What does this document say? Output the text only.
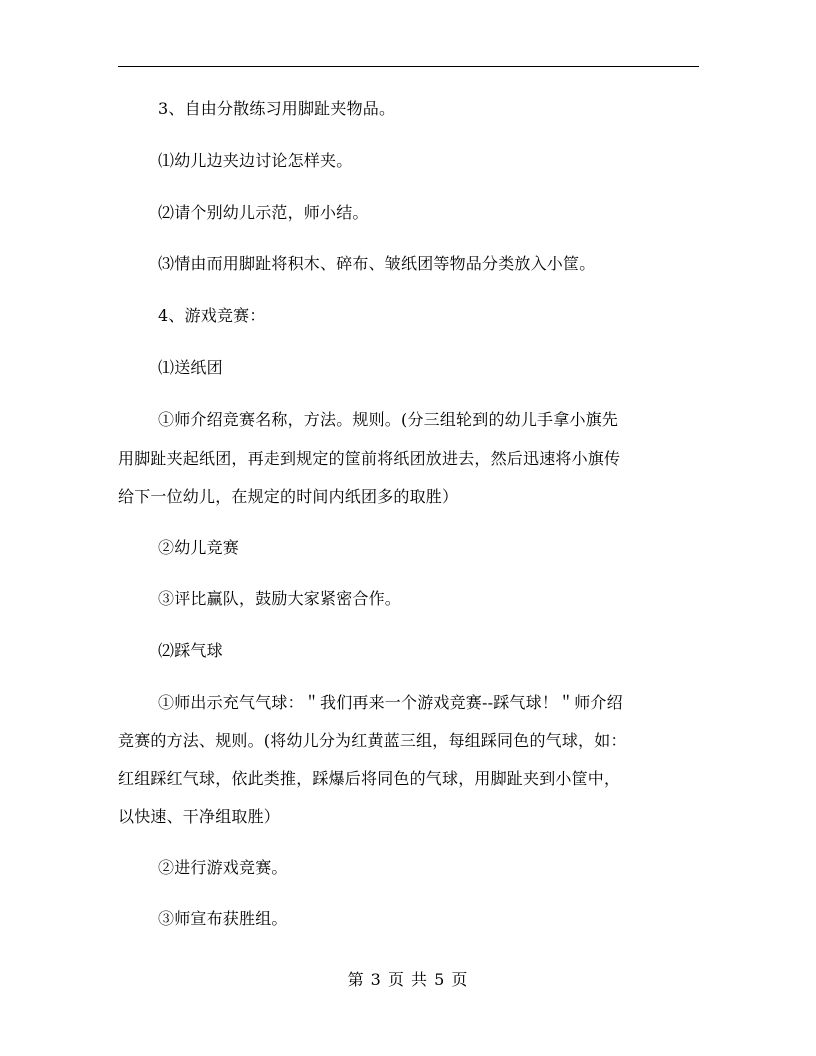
3、自由分散练习用脚趾夹物品。
⑴幼儿边夹边讨论怎样夹。
⑵请个别幼儿示范，师小结。
⑶情由而用脚趾将积木、碎布、皱纸团等物品分类放入小筐。
4、游戏竞赛：
⑴送纸团
①师介绍竞赛名称，方法。规则。(分三组轮到的幼儿手拿小旗先
用脚趾夹起纸团，再走到规定的筐前将纸团放进去，然后迅速将小旗传
给下一位幼儿，在规定的时间内纸团多的取胜）
②幼儿竞赛
③评比赢队，鼓励大家紧密合作。
⑵踩气球
①师出示充气气球：＂我们再来一个游戏竞赛--踩气球！＂师介绍
竞赛的方法、规则。(将幼儿分为红黄蓝三组，每组踩同色的气球，如：
红组踩红气球，依此类推，踩爆后将同色的气球，用脚趾夹到小筐中，
以快速、干净组取胜）
②进行游戏竞赛。
③师宣布获胜组。
第 3 页 共 5 页
